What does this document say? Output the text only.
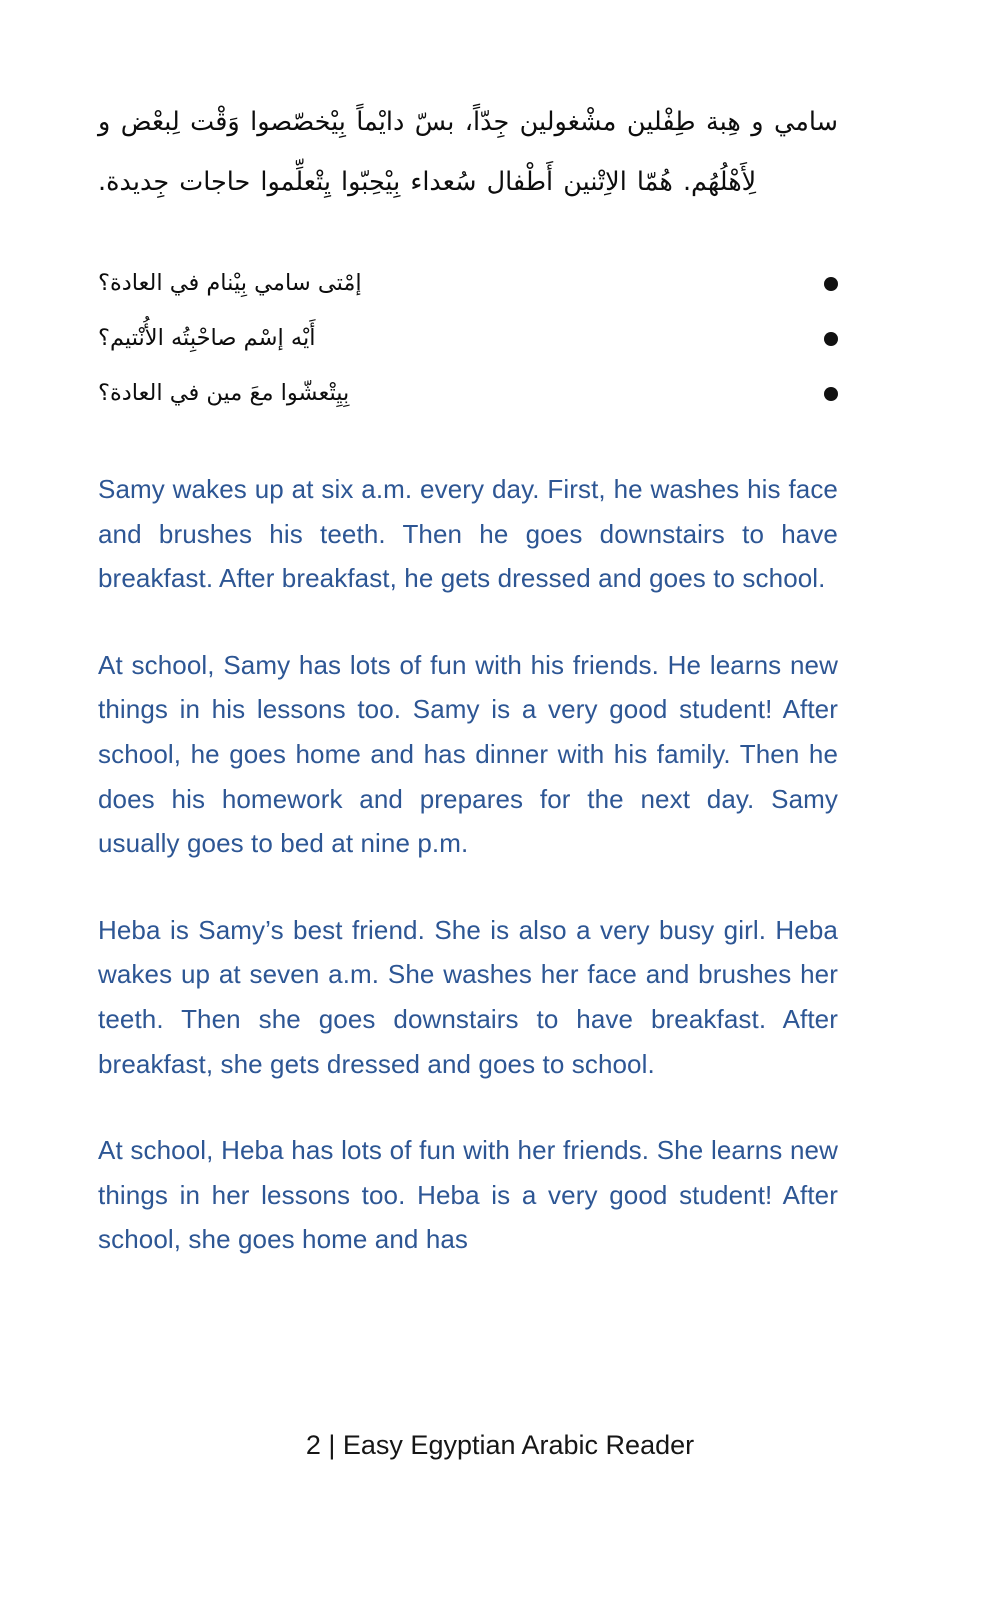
سامي و هِبة طِفْلين مشْغولين جِدّاً، بسّ دايْماً بِيْخصّصوا وَقْت لِبعْض و لِأَهْلُهُم. هُمّا الاِتْنين أَطْفال سُعداء بِيْحِبّوا يِتْعلِّموا حاجات جِديدة.

إمْتى سامي بِيْنام في العادة؟
أَيْه إسْم صاحْبِتُه الأُنْتيم؟
بِيِتْعشّوا معَ مين في العادة؟

Samy wakes up at six a.m. every day. First, he washes his face and brushes his teeth. Then he goes downstairs to have breakfast. After breakfast, he gets dressed and goes to school.

At school, Samy has lots of fun with his friends. He learns new things in his lessons too. Samy is a very good student! After school, he goes home and has dinner with his family. Then he does his homework and prepares for the next day. Samy usually goes to bed at nine p.m.

Heba is Samy’s best friend. She is also a very busy girl. Heba wakes up at seven a.m. She washes her face and brushes her teeth. Then she goes downstairs to have breakfast. After breakfast, she gets dressed and goes to school.

At school, Heba has lots of fun with her friends. She learns new things in her lessons too. Heba is a very good student! After school, she goes home and has

2 | Easy Egyptian Arabic Reader
